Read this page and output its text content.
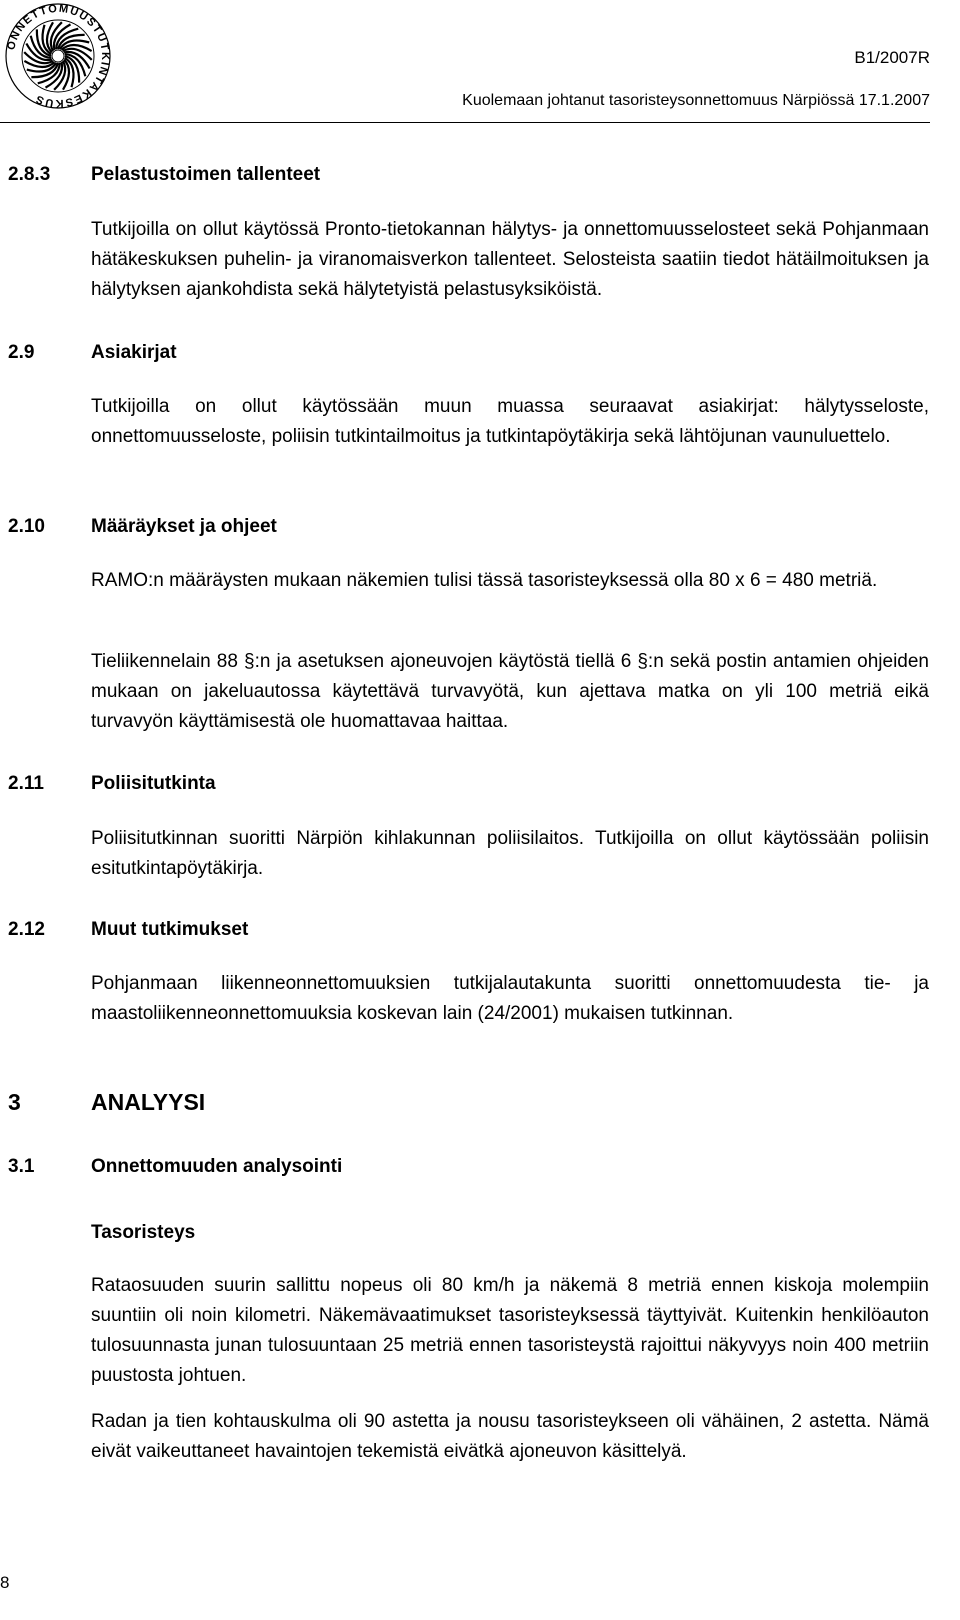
ONNETTOMUUSTUTKINTAKESKUS
B1/2007R
Kuolemaan johtanut tasoristeysonnettomuus Närpiössä 17.1.2007
2.8.3 Pelastustoimen tallenteet
Tutkijoilla on ollut käytössä Pronto-tietokannan hälytys- ja onnettomuusselosteet sekä Pohjanmaan hätäkeskuksen puhelin- ja viranomaisverkon tallenteet. Selosteista saatiin tiedot hätäilmoituksen ja hälytyksen ajankohdista sekä hälytetyistä pelastusyksiköistä.
2.9	Asiakirjat
Tutkijoilla on ollut käytössään muun muassa seuraavat asiakirjat: hälytysseloste, onnettomuusseloste, poliisin tutkintailmoitus ja tutkintapöytäkirja sekä lähtöjunan vaunuluettelo.
2.10 Määräykset ja ohjeet
RAMO:n määräysten mukaan näkemien tulisi tässä tasoristeyksessä olla 80 x 6 = 480 metriä.
Tieliikennelain 88 §:n ja asetuksen ajoneuvojen käytöstä tiellä 6 §:n sekä postin antamien ohjeiden mukaan on jakeluautossa käytettävä turvavyötä, kun ajettava matka on yli 100 metriä eikä turvavyön käyttämisestä ole huomattavaa haittaa.
2.11 Poliisitutkinta
Poliisitutkinnan suoritti Närpiön kihlakunnan poliisilaitos. Tutkijoilla on ollut käytössään poliisin esitutkintapöytäkirja.
2.12 Muut tutkimukset
Pohjanmaan liikenneonnettomuuksien tutkijalautakunta suoritti onnettomuudesta tie- ja maastoliikenneonnettomuuksia koskevan lain (24/2001) mukaisen tutkinnan.
3	ANALYYSI
3.1	Onnettomuuden analysointi
Tasoristeys
Rataosuuden suurin sallittu nopeus oli 80 km/h ja näkemä 8 metriä ennen kiskoja molempiin suuntiin oli noin kilometri. Näkemävaatimukset tasoristeyksessä täyttyivät. Kuitenkin henkilöauton tulosuunnasta junan tulosuuntaan 25 metriä ennen tasoristeystä rajoittui näkyvyys noin 400 metriin puustosta johtuen.
Radan ja tien kohtauskulma oli 90 astetta ja nousu tasoristeykseen oli vähäinen, 2 astetta. Nämä eivät vaikeuttaneet havaintojen tekemistä eivätkä ajoneuvon käsittelyä.
8
